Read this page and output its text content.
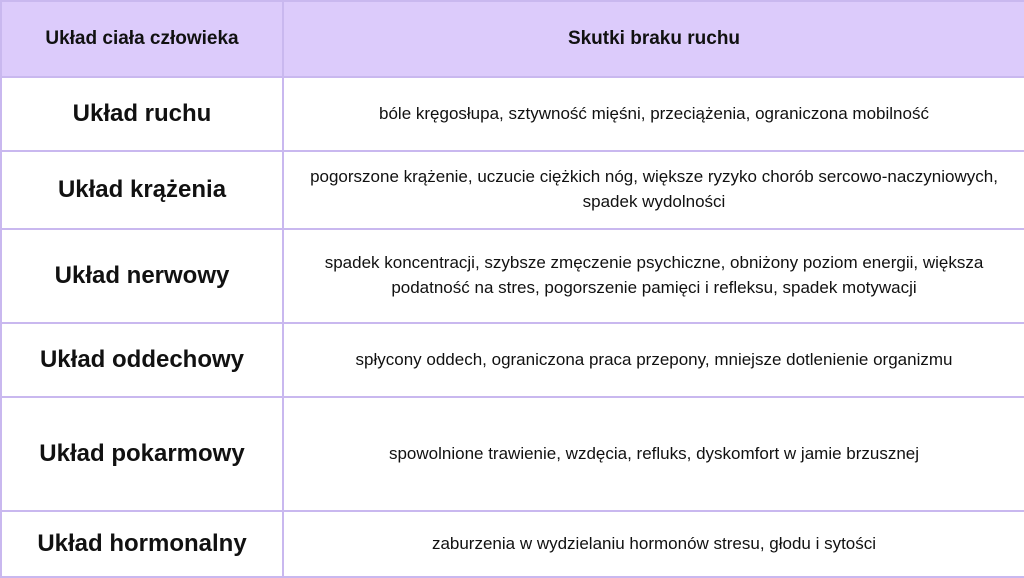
Układ ciała człowieka	Skutki braku ruchu
Układ ruchu	bóle kręgosłupa, sztywność mięśni, przeciążenia, ograniczona mobilność
Układ krążenia	pogorszone krążenie, uczucie ciężkich nóg, większe ryzyko chorób sercowo-naczyniowych, spadek wydolności
Układ nerwowy	spadek koncentracji, szybsze zmęczenie psychiczne, obniżony poziom energii, większa podatność na stres, pogorszenie pamięci i refleksu, spadek motywacji
Układ oddechowy	spłycony oddech, ograniczona praca przepony, mniejsze dotlenienie organizmu
Układ pokarmowy	spowolnione trawienie, wzdęcia, refluks, dyskomfort w jamie brzusznej
Układ hormonalny	zaburzenia w wydzielaniu hormonów stresu, głodu i sytości
